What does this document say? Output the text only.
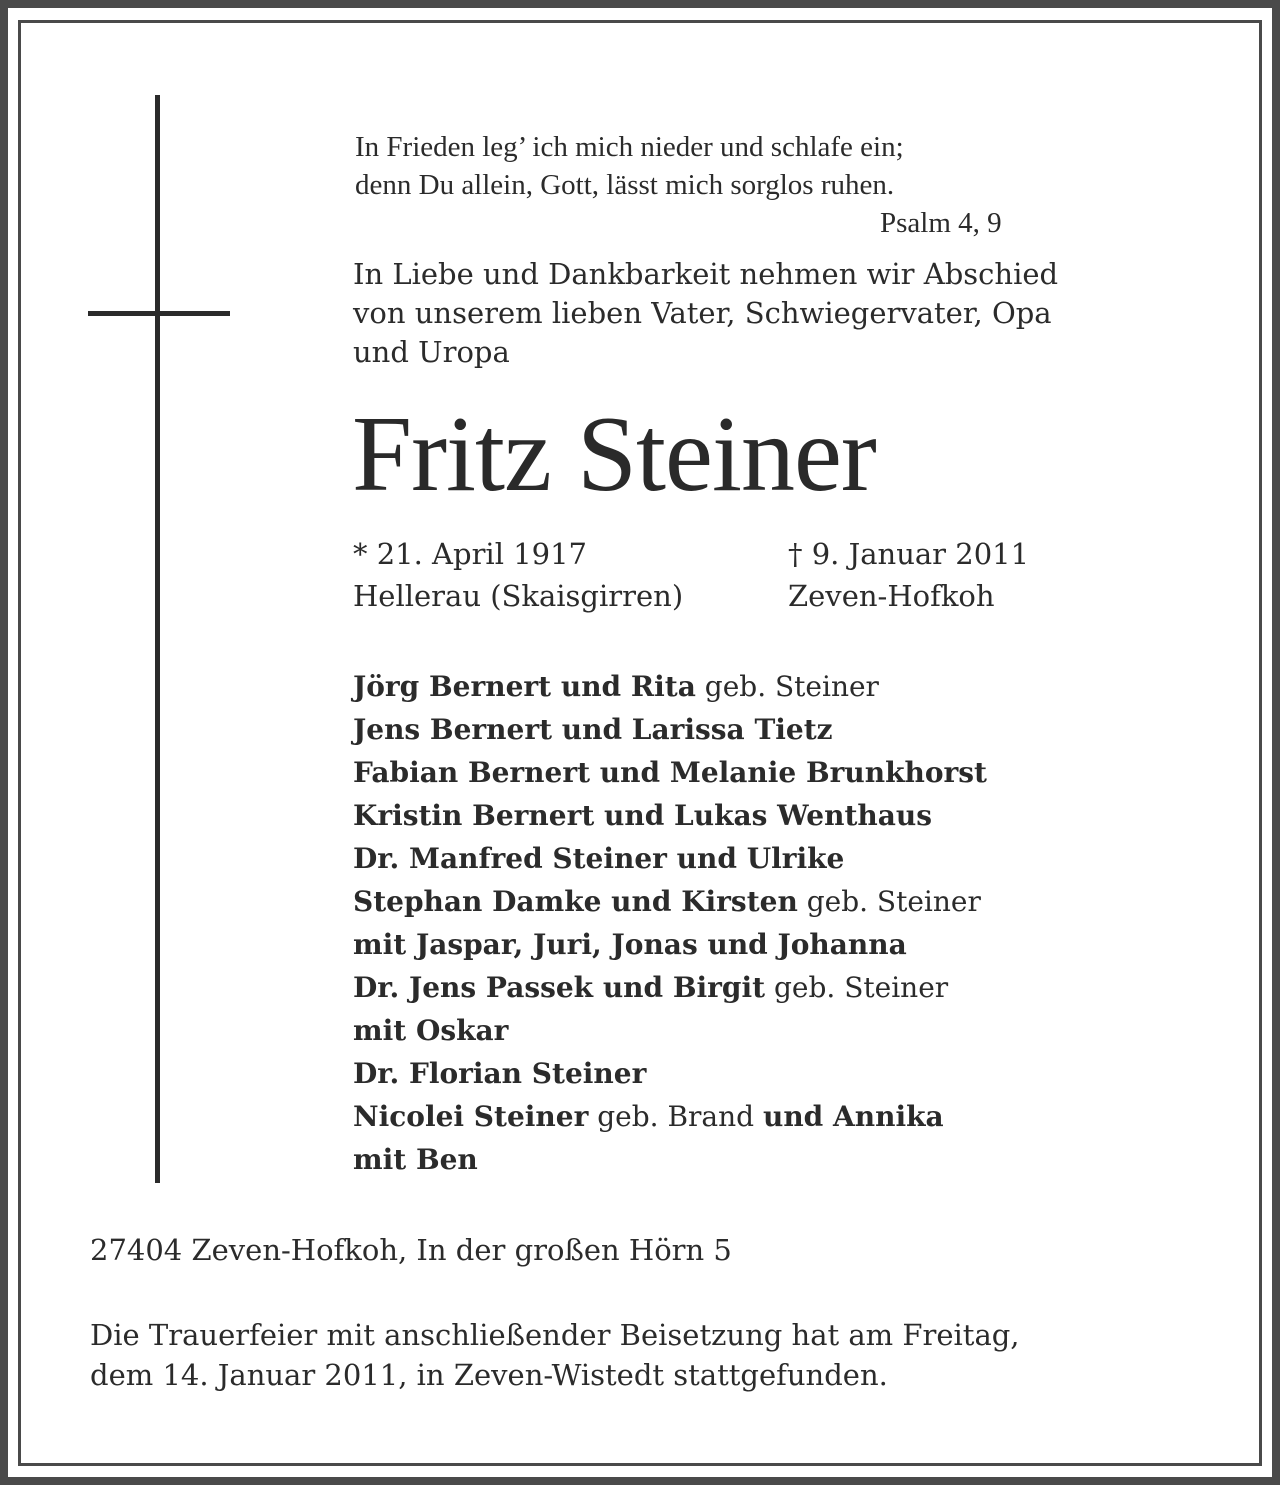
In Frieden leg’ ich mich nieder und schlafe ein;
denn Du allein, Gott, lässt mich sorglos ruhen.
Psalm 4, 9
In Liebe und Dankbarkeit nehmen wir Abschied
von unserem lieben Vater, Schwiegervater, Opa
und Uropa
Fritz Steiner
* 21. April 1917
Hellerau (Skaisgirren)
† 9. Januar 2011
Zeven-Hofkoh
Jörg Bernert und Rita geb. Steiner
Jens Bernert und Larissa Tietz
Fabian Bernert und Melanie Brunkhorst
Kristin Bernert und Lukas Wenthaus
Dr. Manfred Steiner und Ulrike
Stephan Damke und Kirsten geb. Steiner
mit Jaspar, Juri, Jonas und Johanna
Dr. Jens Passek und Birgit geb. Steiner
mit Oskar
Dr. Florian Steiner
Nicolei Steiner geb. Brand und Annika
mit Ben
27404 Zeven-Hofkoh, In der großen Hörn 5
Die Trauerfeier mit anschließender Beisetzung hat am Freitag,
dem 14. Januar 2011, in Zeven-Wistedt stattgefunden.
